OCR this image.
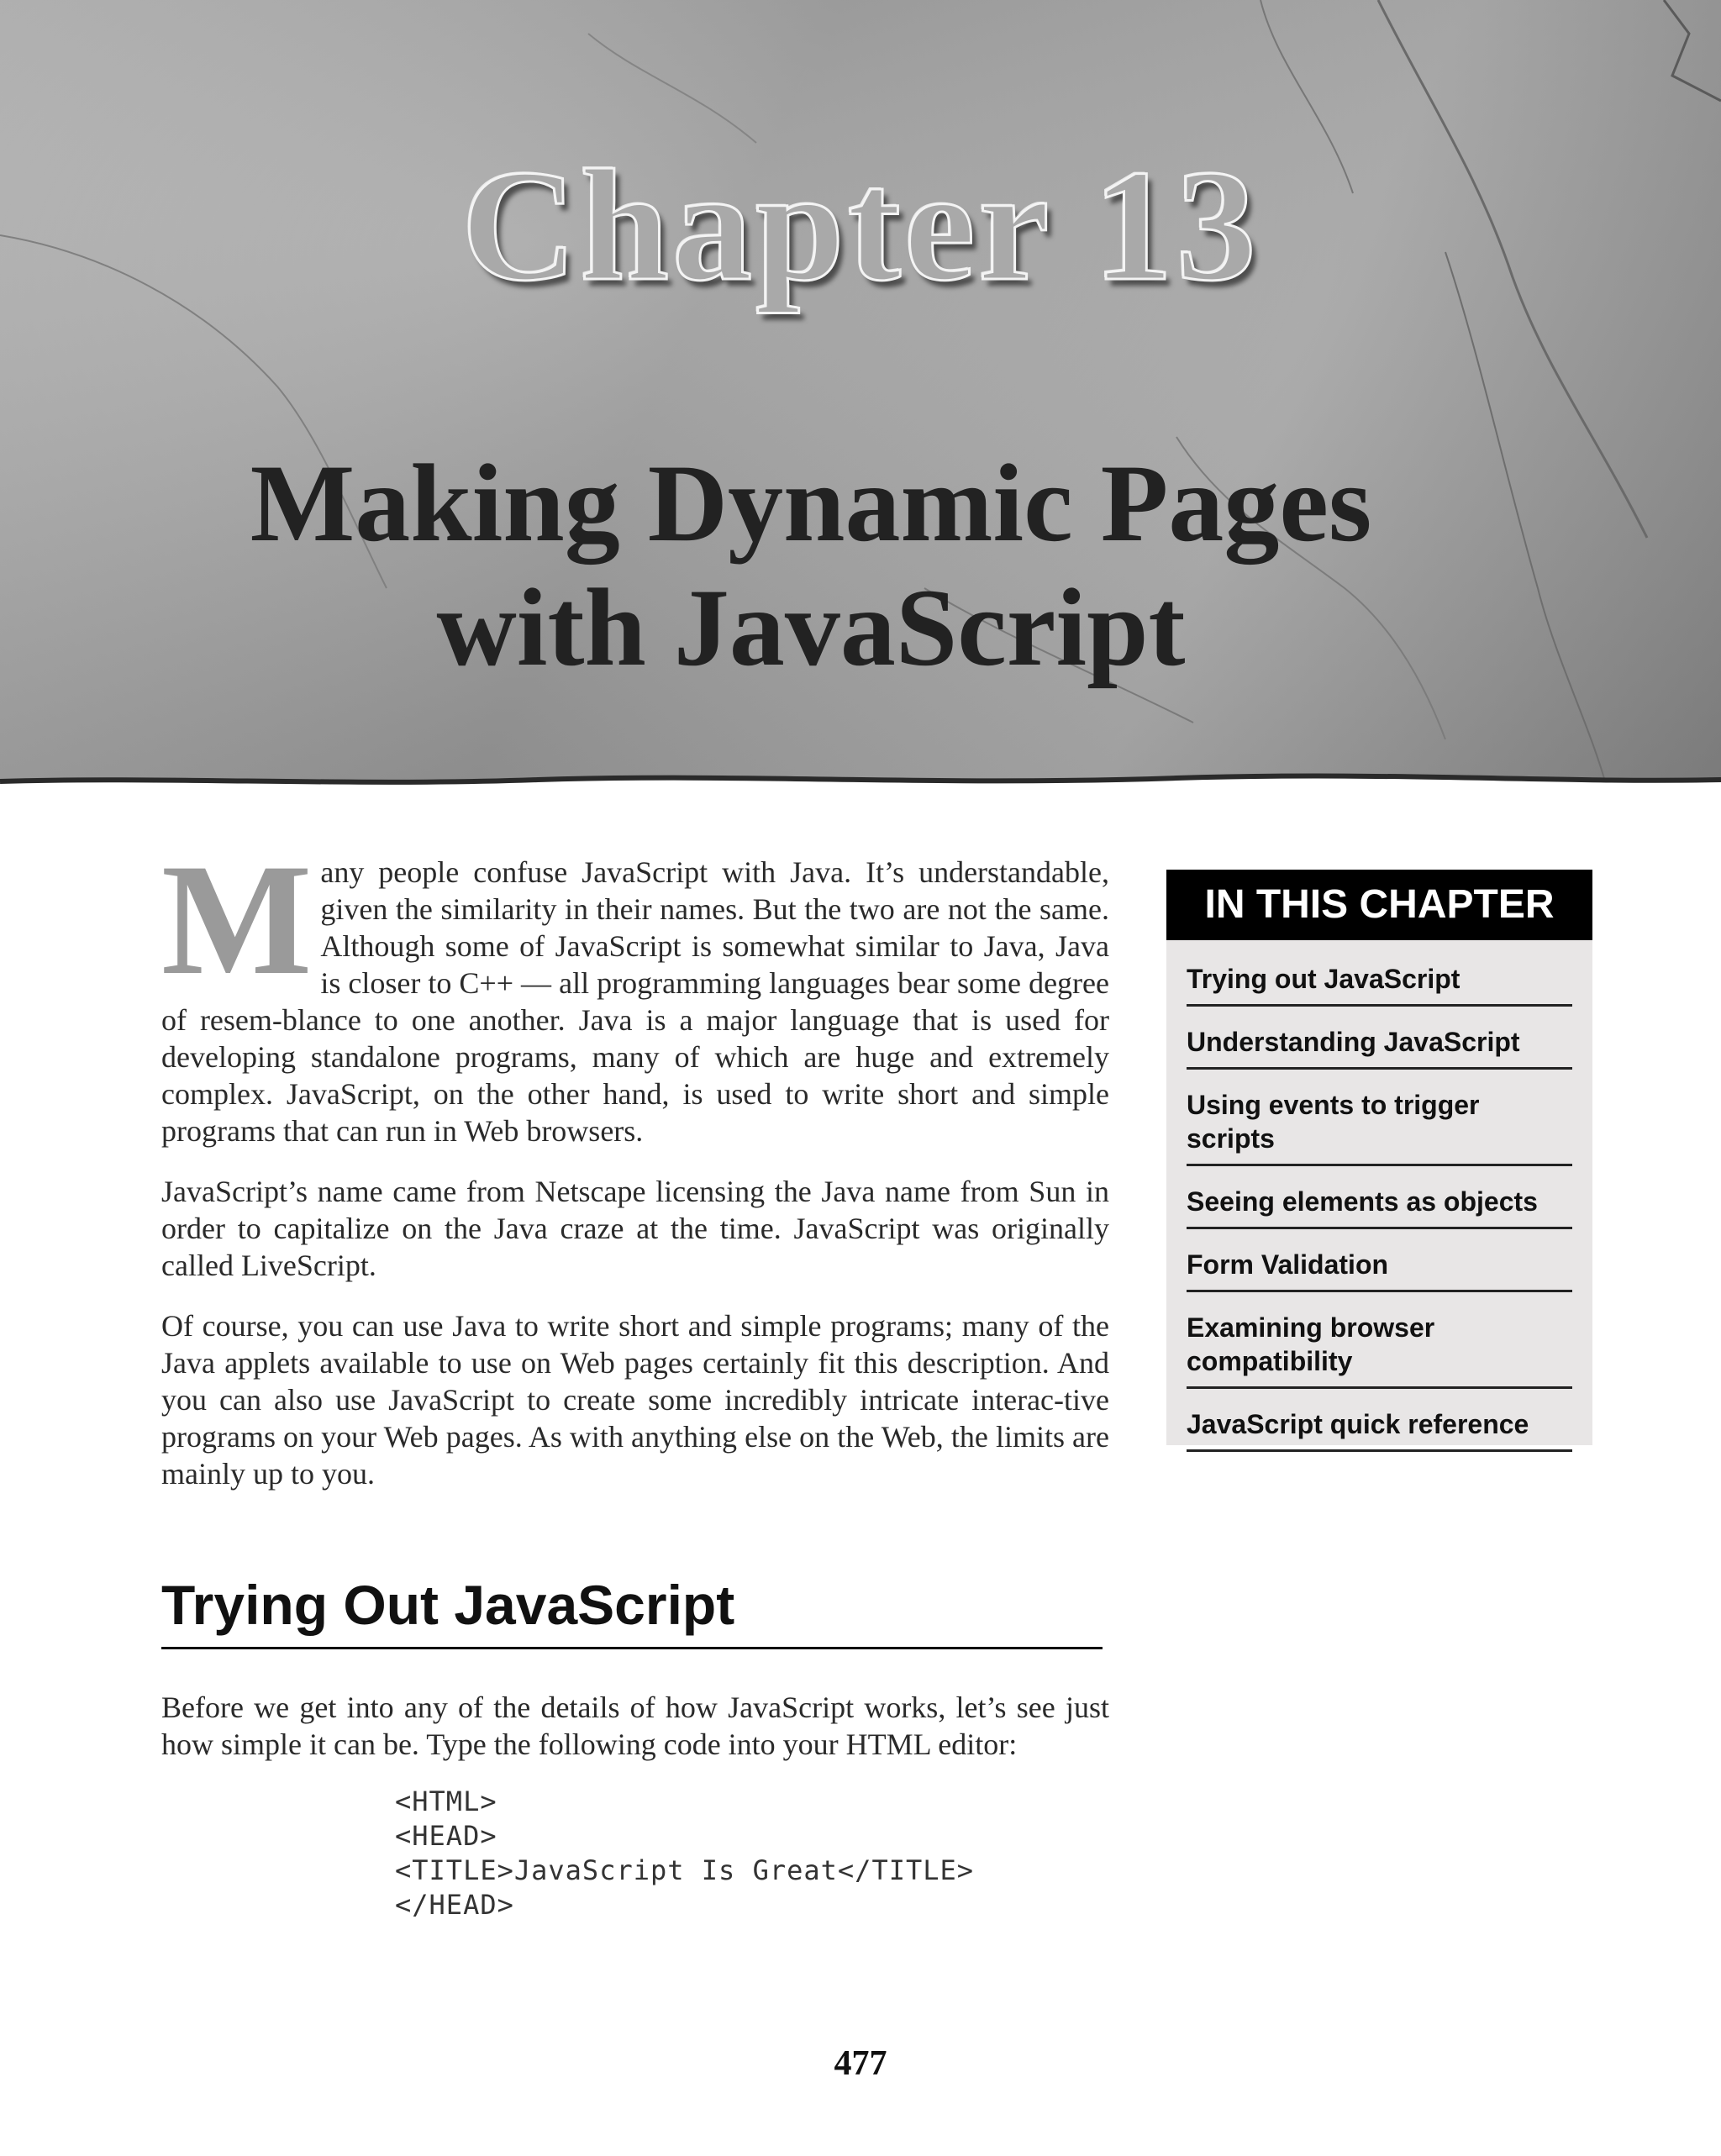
Chapter 13
Making Dynamic Pages
with JavaScript

M any people confuse JavaScript with Java. It’s understandable, given the similarity in their names. But the two are not the same. Although some of JavaScript is somewhat similar to Java, Java is closer to C++ — all programming languages bear some degree of resem-blance to one another. Java is a major language that is used for developing standalone programs, many of which are huge and extremely complex. JavaScript, on the other hand, is used to write short and simple programs that can run in Web browsers.

JavaScript’s name came from Netscape licensing the Java name from Sun in order to capitalize on the Java craze at the time. JavaScript was originally called LiveScript.

Of course, you can use Java to write short and simple programs; many of the Java applets available to use on Web pages certainly fit this description. And you can also use JavaScript to create some incredibly intricate interac-tive programs on your Web pages. As with anything else on the Web, the limits are mainly up to you.

IN THIS CHAPTER
Trying out JavaScript
Understanding JavaScript
Using events to trigger scripts
Seeing elements as objects
Form Validation
Examining browser compatibility
JavaScript quick reference
Trying Out JavaScript

Before we get into any of the details of how JavaScript works, let’s see just how simple it can be. Type the following code into your HTML editor:

<HTML>
<HEAD>
<TITLE>JavaScript Is Great</TITLE>
</HEAD>
477
